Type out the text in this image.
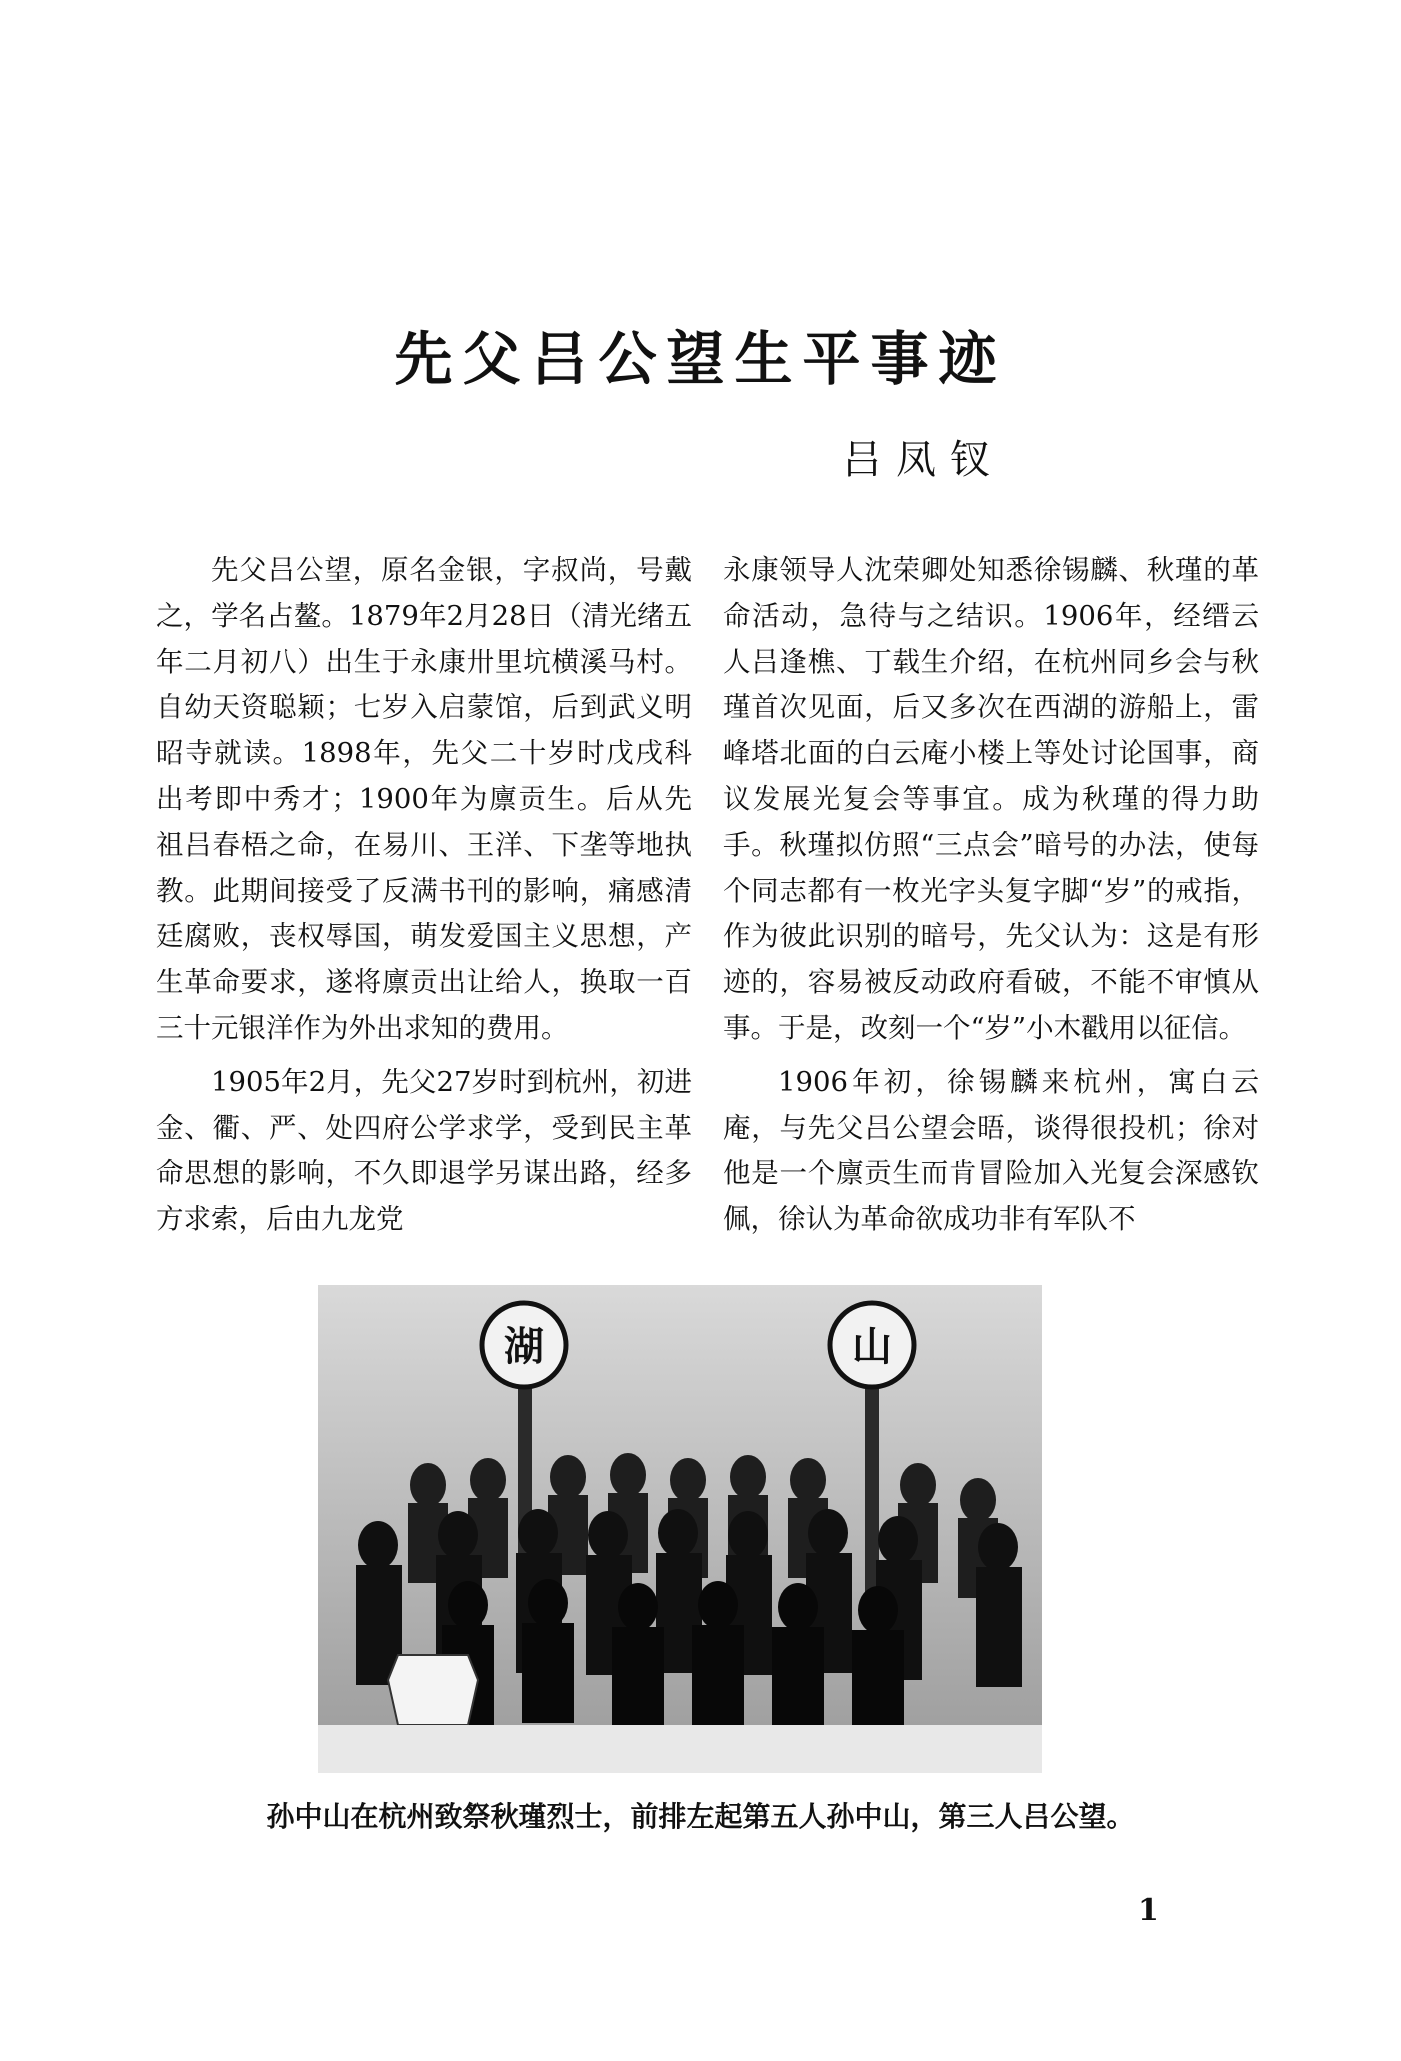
先父吕公望生平事迹
吕凤钗

先父吕公望，原名金银，字叔尚，号戴之，学名占鳌。1879年2月28日（清光绪五年二月初八）出生于永康卅里坑横溪马村。自幼天资聪颖；七岁入启蒙馆，后到武义明昭寺就读。1898年，先父二十岁时戊戌科出考即中秀才；1900年为廪贡生。后从先祖吕春梧之命，在易川、王洋、下垄等地执教。此期间接受了反满书刊的影响，痛感清廷腐败，丧权辱国，萌发爱国主义思想，产生革命要求，遂将廪贡出让给人，换取一百三十元银洋作为外出求知的费用。

1905年2月，先父27岁时到杭州，初进金、衢、严、处四府公学求学，受到民主革命思想的影响，不久即退学另谋出路，经多方求索，后由九龙党

永康领导人沈荣卿处知悉徐锡麟、秋瑾的革命活动，急待与之结识。1906年，经缙云人吕逢樵、丁载生介绍，在杭州同乡会与秋瑾首次见面，后又多次在西湖的游船上，雷峰塔北面的白云庵小楼上等处讨论国事，商议发展光复会等事宜。成为秋瑾的得力助手。秋瑾拟仿照“三点会”暗号的办法，使每个同志都有一枚光字头复字脚“岁”的戒指，作为彼此识别的暗号，先父认为：这是有形迹的，容易被反动政府看破，不能不审慎从事。于是，改刻一个“岁”小木戳用以征信。

1906年初，徐锡麟来杭州，寓白云庵，与先父吕公望会晤，谈得很投机；徐对他是一个廪贡生而肯冒险加入光复会深感钦佩，徐认为革命欲成功非有军队不

湖	山

孙中山在杭州致祭秋瑾烈士，前排左起第五人孙中山，第三人吕公望。

1
